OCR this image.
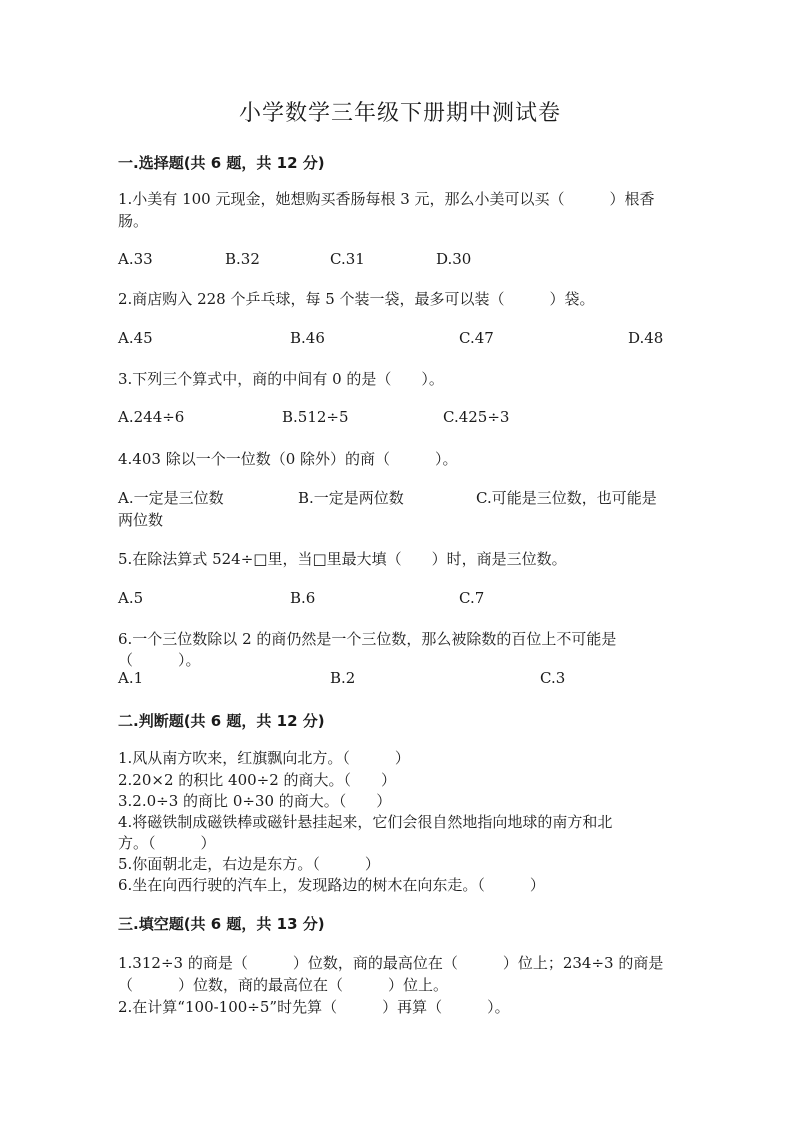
小学数学三年级下册期中测试卷
一.选择题(共 6 题，共 12 分)
1.小美有 100 元现金，她想购买香肠每根 3 元，那么小美可以买（　　　）根香
肠。
A.33	B.32	C.31	D.30
2.商店购入 228 个乒乓球，每 5 个装一袋，最多可以装（　　　）袋。
A.45	B.46	C.47	D.48
3.下列三个算式中，商的中间有 0 的是（　　）。
A.244÷6	B.512÷5	C.425÷3
4.403 除以一个一位数（0 除外）的商（　　　）。
A.一定是三位数	B.一定是两位数	C.可能是三位数，也可能是
两位数
5.在除法算式 524÷□里，当□里最大填（　　）时，商是三位数。
A.5	B.6	C.7
6.一个三位数除以 2 的商仍然是一个三位数，那么被除数的百位上不可能是
（　　　）。
A.1	B.2	C.3
二.判断题(共 6 题，共 12 分)
1.风从南方吹来，红旗飘向北方。（　　　）
2.20×2 的积比 400÷2 的商大。（　　）
3.2.0÷3 的商比 0÷30 的商大。（　　）
4.将磁铁制成磁铁棒或磁针悬挂起来，它们会很自然地指向地球的南方和北
方。（　　　）
5.你面朝北走，右边是东方。（　　　）
6.坐在向西行驶的汽车上，发现路边的树木在向东走。（　　　）
三.填空题(共 6 题，共 13 分)
1.312÷3 的商是（　　　）位数，商的最高位在（　　　）位上；234÷3 的商是
（　　　）位数，商的最高位在（　　　）位上。
2.在计算“100-100÷5”时先算（　　　）再算（　　　）。
